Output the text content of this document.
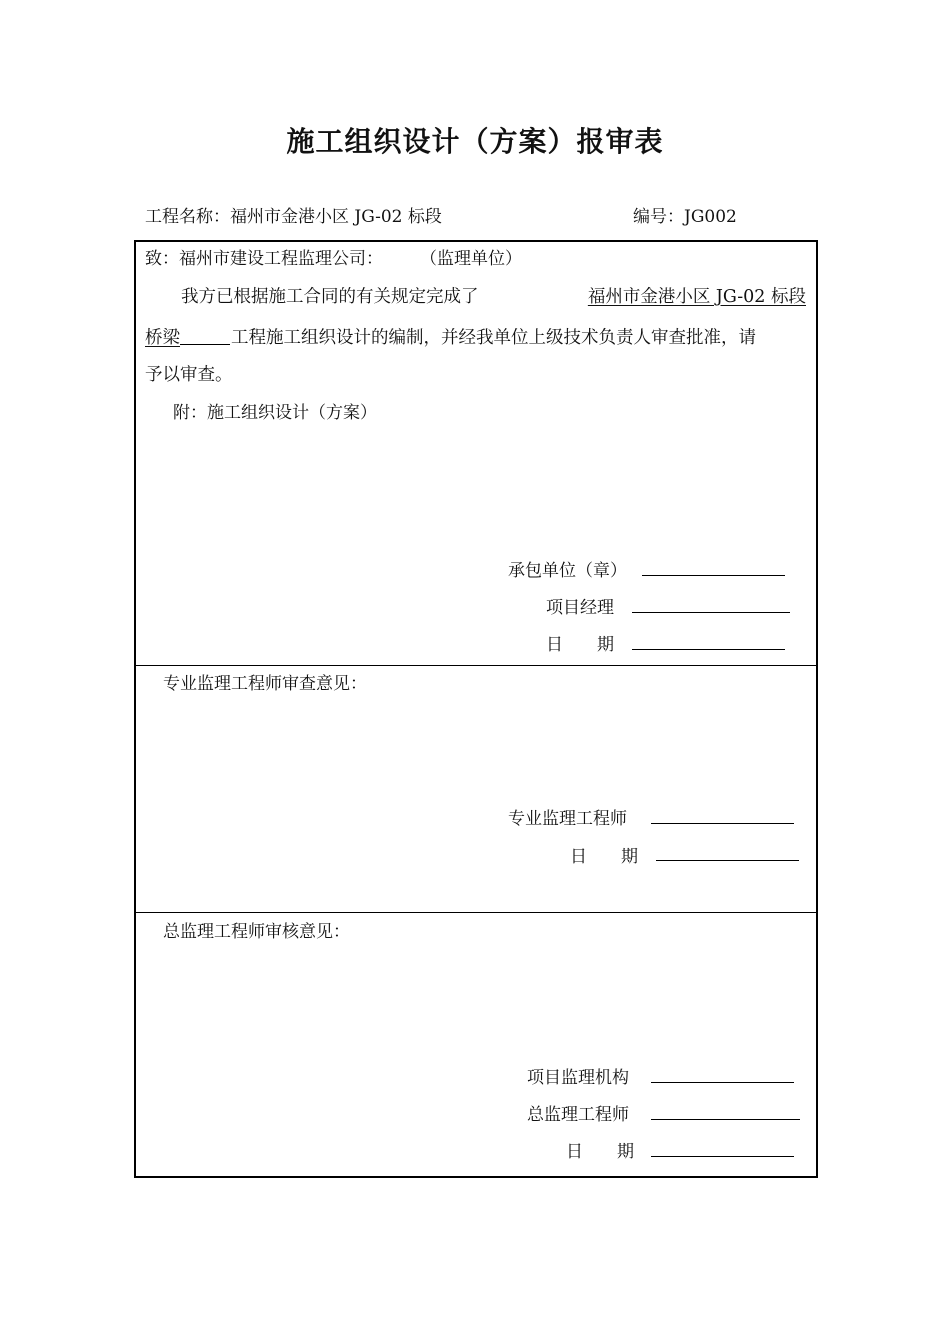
施工组织设计（方案）报审表
工程名称：福州市金港小区 JG-02 标段	编号：JG002
致：福州市建设工程监理公司： （监理单位）
我方已根据施工合同的有关规定完成了	福州市金港小区 JG-02 标段
桥梁	工程施工组织设计的编制，并经我单位上级技术负责人审查批准，请
予以审查。
附：施工组织设计（方案）
承包单位（章）
项目经理
日　　期
专业监理工程师审查意见：
专业监理工程师
日　　期
总监理工程师审核意见：
项目监理机构
总监理工程师
日　　期
